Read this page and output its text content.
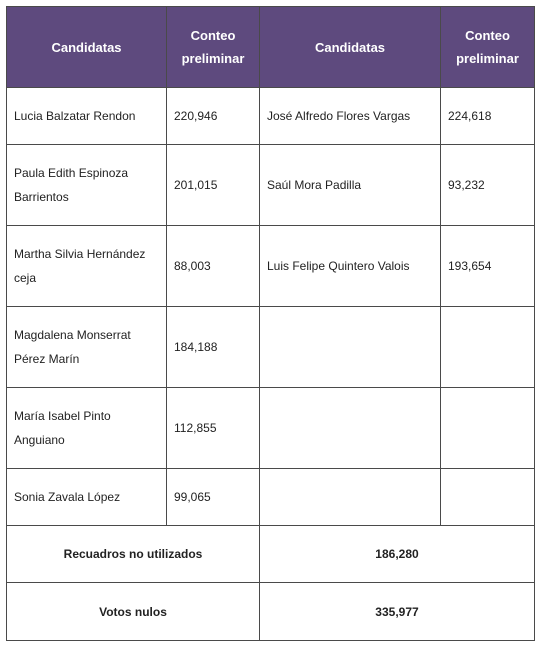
Candidatas	Conteo preliminar	Candidatas	Conteo preliminar
Lucia Balzatar Rendon	220,946	José Alfredo Flores Vargas	224,618
Paula Edith Espinoza Barrientos	201,015	Saúl Mora Padilla	93,232
Martha Silvia Hernández ceja	88,003	Luis Felipe Quintero Valois	193,654
Magdalena Monserrat Pérez Marín	184,188		
María Isabel Pinto Anguiano	112,855		
Sonia Zavala López	99,065		
Recuadros no utilizados		186,280	
Votos nulos		335,977	
